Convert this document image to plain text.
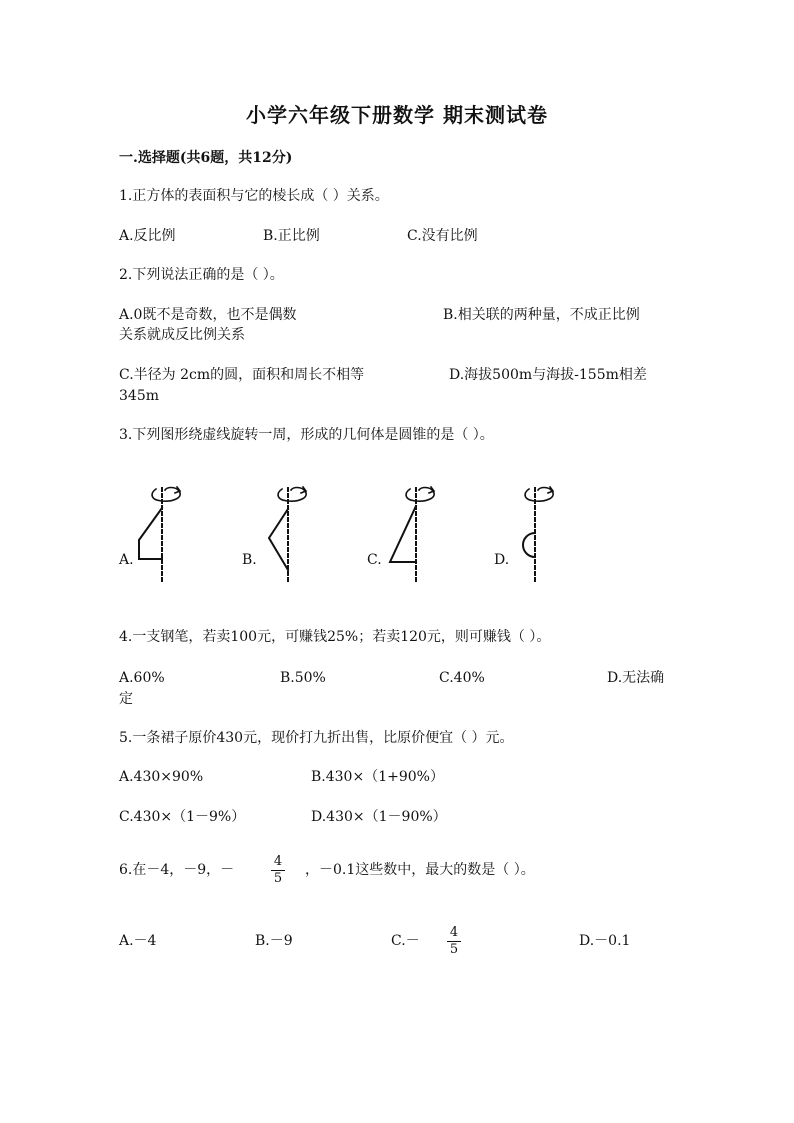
小学六年级下册数学 期末测试卷
一.选择题(共6题，共12分)
1.正方体的表面积与它的棱长成（ ）关系。
A.反比例	B.正比例	C.没有比例
2.下列说法正确的是（ ）。
A.0既不是奇数，也不是偶数	B.相关联的两种量，不成正比例
关系就成反比例关系
C.半径为 2cm的圆，面积和周长不相等	D.海拔500m与海拔-155m相差
345m
3.下列图形绕虚线旋转一周，形成的几何体是圆锥的是（ ）。
A.	B.	C.	D.
4.一支钢笔，若卖100元，可赚钱25%；若卖120元，则可赚钱（ ）。
A.60%	B.50%	C.40%	D.无法确
定
5.一条裙子原价430元，现价打九折出售，比原价便宜（ ）元。
A.430×90%	B.430×（1+90%）
C.430×（1－9%）	D.430×（1－90%）
6.在－4，－9，－
4
5
，－0.1这些数中，最大的数是（ ）。
A.－4	B.－9	C.－
4
5
D.－0.1
